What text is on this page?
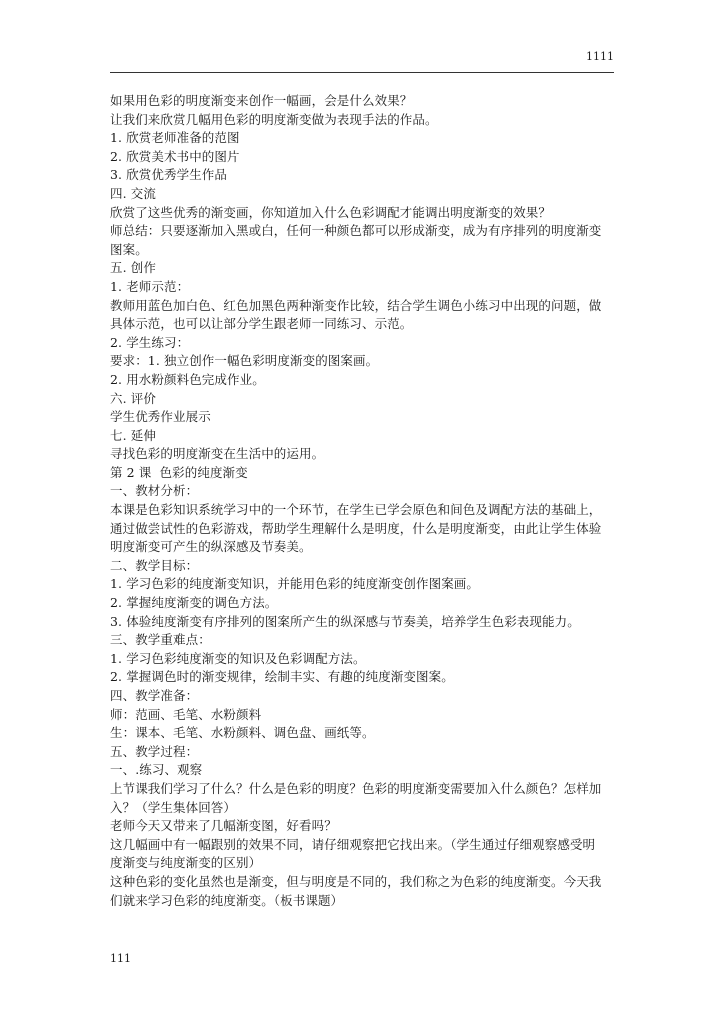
1111
如果用色彩的明度渐变来创作一幅画，会是什么效果？
让我们来欣赏几幅用色彩的明度渐变做为表现手法的作品。
1. 欣赏老师准备的范图
2. 欣赏美术书中的图片
3. 欣赏优秀学生作品
四. 交流
欣赏了这些优秀的渐变画，你知道加入什么色彩调配才能调出明度渐变的效果？
师总结：只要逐渐加入黑或白，任何一种颜色都可以形成渐变，成为有序排列的明度渐变
图案。
五. 创作
1. 老师示范：
教师用蓝色加白色、红色加黑色两种渐变作比较，结合学生调色小练习中出现的问题，做
具体示范，也可以让部分学生跟老师一同练习、示范。
2. 学生练习：
要求：1. 独立创作一幅色彩明度渐变的图案画。
2. 用水粉颜料色完成作业。
六. 评价
学生优秀作业展示
七. 延伸
寻找色彩的明度渐变在生活中的运用。
第 2 课  色彩的纯度渐变
一、教材分析：
本课是色彩知识系统学习中的一个环节，在学生已学会原色和间色及调配方法的基础上，
通过做尝试性的色彩游戏，帮助学生理解什么是明度，什么是明度渐变，由此让学生体验
明度渐变可产生的纵深感及节奏美。
二、教学目标：
1. 学习色彩的纯度渐变知识，并能用色彩的纯度渐变创作图案画。
2. 掌握纯度渐变的调色方法。
3. 体验纯度渐变有序排列的图案所产生的纵深感与节奏美，培养学生色彩表现能力。
三、教学重难点：
1. 学习色彩纯度渐变的知识及色彩调配方法。
2. 掌握调色时的渐变规律，绘制丰实、有趣的纯度渐变图案。
四、教学准备：
师：范画、毛笔、水粉颜料
生：课本、毛笔、水粉颜料、调色盘、画纸等。
五、教学过程：
一、.练习、观察
上节课我们学习了什么？什么是色彩的明度？色彩的明度渐变需要加入什么颜色？怎样加
入？（学生集体回答）
老师今天又带来了几幅渐变图，好看吗？
这几幅画中有一幅跟别的效果不同，请仔细观察把它找出来。（学生通过仔细观察感受明
度渐变与纯度渐变的区别）
这种色彩的变化虽然也是渐变，但与明度是不同的，我们称之为色彩的纯度渐变。今天我
们就来学习色彩的纯度渐变。（板书课题）
111
